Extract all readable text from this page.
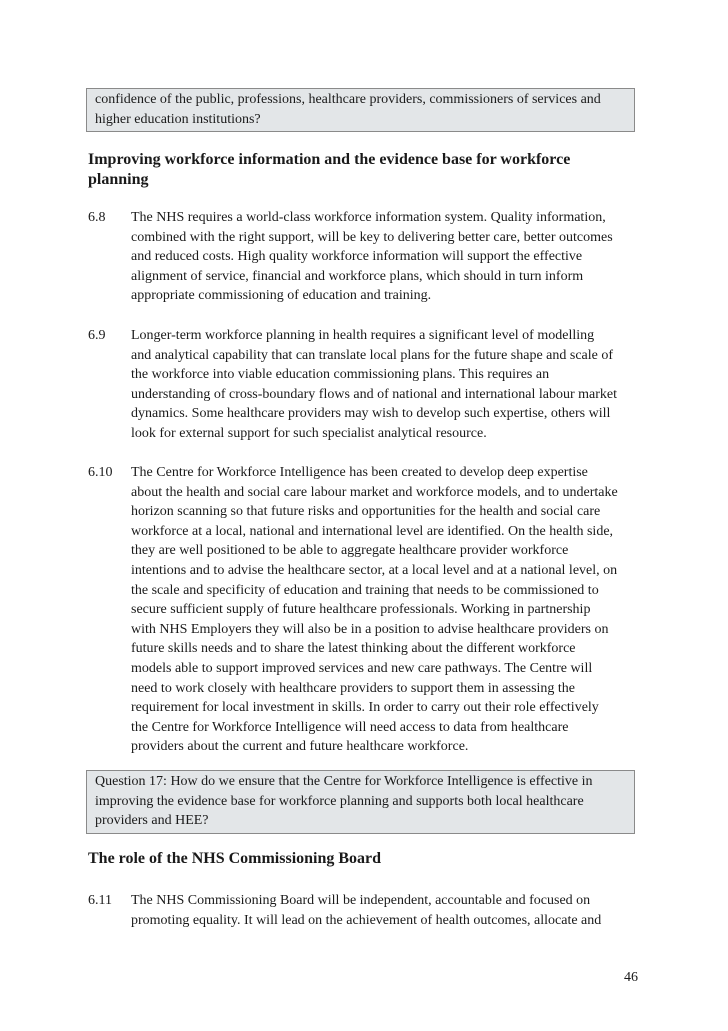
confidence of the public, professions, healthcare providers, commissioners of services and
higher education institutions?
Improving workforce information and the evidence base for workforce
planning
6.8 The NHS requires a world-class workforce information system. Quality information,
combined with the right support, will be key to delivering better care, better outcomes
and reduced costs. High quality workforce information will support the effective
alignment of service, financial and workforce plans, which should in turn inform
appropriate commissioning of education and training.
6.9 Longer-term workforce planning in health requires a significant level of modelling
and analytical capability that can translate local plans for the future shape and scale of
the workforce into viable education commissioning plans. This requires an
understanding of cross-boundary flows and of national and international labour market
dynamics. Some healthcare providers may wish to develop such expertise, others will
look for external support for such specialist analytical resource.
6.10 The Centre for Workforce Intelligence has been created to develop deep expertise
about the health and social care labour market and workforce models, and to undertake
horizon scanning so that future risks and opportunities for the health and social care
workforce at a local, national and international level are identified. On the health side,
they are well positioned to be able to aggregate healthcare provider workforce
intentions and to advise the healthcare sector, at a local level and at a national level, on
the scale and specificity of education and training that needs to be commissioned to
secure sufficient supply of future healthcare professionals. Working in partnership
with NHS Employers they will also be in a position to advise healthcare providers on
future skills needs and to share the latest thinking about the different workforce
models able to support improved services and new care pathways. The Centre will
need to work closely with healthcare providers to support them in assessing the
requirement for local investment in skills. In order to carry out their role effectively
the Centre for Workforce Intelligence will need access to data from healthcare
providers about the current and future healthcare workforce.
Question 17: How do we ensure that the Centre for Workforce Intelligence is effective in
improving the evidence base for workforce planning and supports both local healthcare
providers and HEE?
The role of the NHS Commissioning Board
6.11 The NHS Commissioning Board will be independent, accountable and focused on
promoting equality. It will lead on the achievement of health outcomes, allocate and
46
